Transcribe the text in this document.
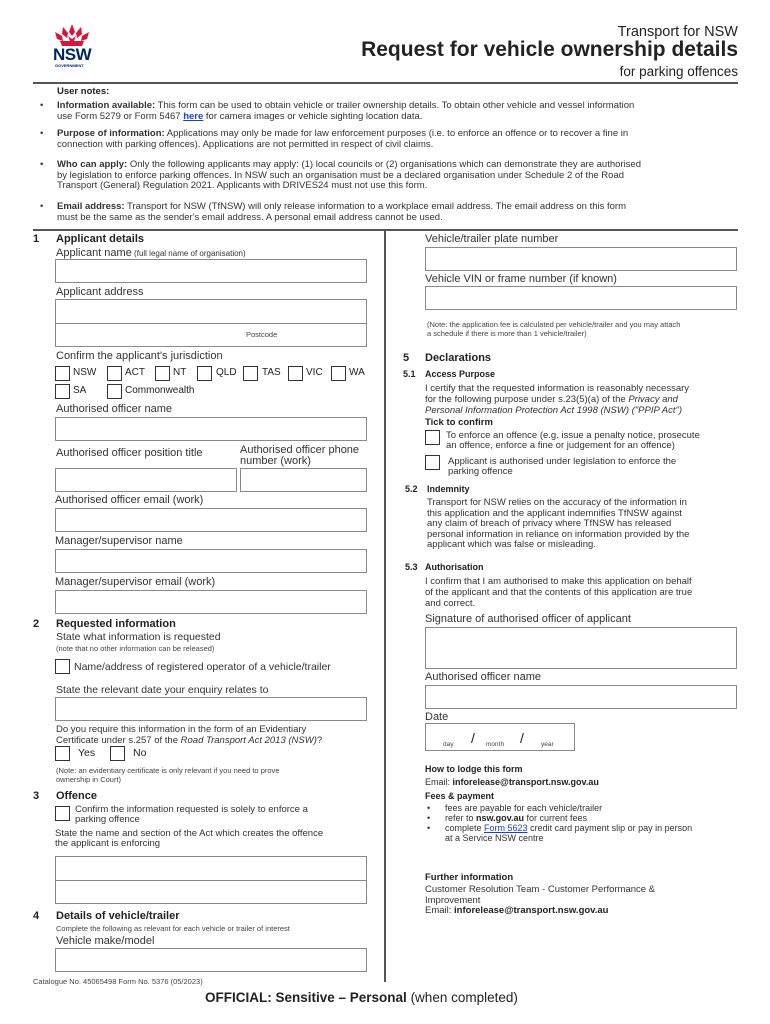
NSW
GOVERNMENT
Transport for NSW
Request for vehicle ownership details
for parking offences
User notes:
• Information available: This form can be used to obtain vehicle or trailer ownership details. To obtain other vehicle and vessel information
use Form 5279 or Form 5467 here for camera images or vehicle sighting location data.
• Purpose of information: Applications may only be made for law enforcement purposes (i.e. to enforce an offence or to recover a fine in
connection with parking offences). Applications are not permitted in respect of civil claims.
• Who can apply: Only the following applicants may apply: (1) local councils or (2) organisations which can demonstrate they are authorised
by legislation to enforce parking offences. In NSW such an organisation must be a declared organisation under Schedule 2 of the Road
Transport (General) Regulation 2021. Applicants with DRIVES24 must not use this form.
• Email address: Transport for NSW (TfNSW) will only release information to a workplace email address. The email address on this form
must be the same as the sender's email address. A personal email address cannot be used.
1 Applicant details
Applicant name (full legal name of organisation)
Applicant address
Postcode
Confirm the applicant's jurisdiction
NSW	ACT	NT	QLD	TAS	VIC	WA
SA	Commonwealth
Authorised officer name
Authorised officer position title	Authorised officer phone
number (work)
Authorised officer email (work)
Manager/supervisor name
Manager/supervisor email (work)
2 Requested information
State what information is requested
(note that no other information can be released)
Name/address of registered operator of a vehicle/trailer
State the relevant date your enquiry relates to
Do you require this information in the form of an Evidentiary
Certificate under s.257 of the Road Transport Act 2013 (NSW)?
Yes	No
(Note: an evidentiary certificate is only relevant if you need to prove
ownership in Court)
3 Offence
Confirm the information requested is solely to enforce a
parking offence
State the name and section of the Act which creates the offence
the applicant is enforcing
4 Details of vehicle/trailer
Complete the following as relevant for each vehicle or trailer of interest
Vehicle make/model
Vehicle/trailer plate number
Vehicle VIN or frame number (if known)
(Note: the application fee is calculated per vehicle/trailer and you may attach
a schedule if there is more than 1 vehicle/trailer)
5 Declarations
5.1 Access Purpose
I certify that the requested information is reasonably necessary
for the following purpose under s.23(5)(a) of the Privacy and
Personal Information Protection Act 1998 (NSW) ("PPIP Act")
Tick to confirm
To enforce an offence (e.g. issue a penalty notice, prosecute
an offence, enforce a fine or judgement for an offence)
Applicant is authorised under legislation to enforce the
parking offence
5.2 Indemnity
Transport for NSW relies on the accuracy of the information in
this application and the applicant indemnifies TfNSW against
any claim of breach of privacy where TfNSW has released
personal information in reliance on information provided by the
applicant which was false or misleading.
5.3 Authorisation
I confirm that I am authorised to make this application on behalf
of the applicant and that the contents of this application are true
and correct.
Signature of authorised officer of applicant
Authorised officer name
Date
day / month /	year
How to lodge this form
Email: inforelease@transport.nsw.gov.au
Fees & payment
• fees are payable for each vehicle/trailer
• refer to nsw.gov.au for current fees
• complete Form 5623 credit card payment slip or pay in person
at a Service NSW centre
Further information
Customer Resolution Team - Customer Performance &
Improvement
Email: inforelease@transport.nsw.gov.au
Catalogue No. 45065498 Form No. 5376 (05/2023)
OFFICIAL: Sensitive – Personal (when completed)
